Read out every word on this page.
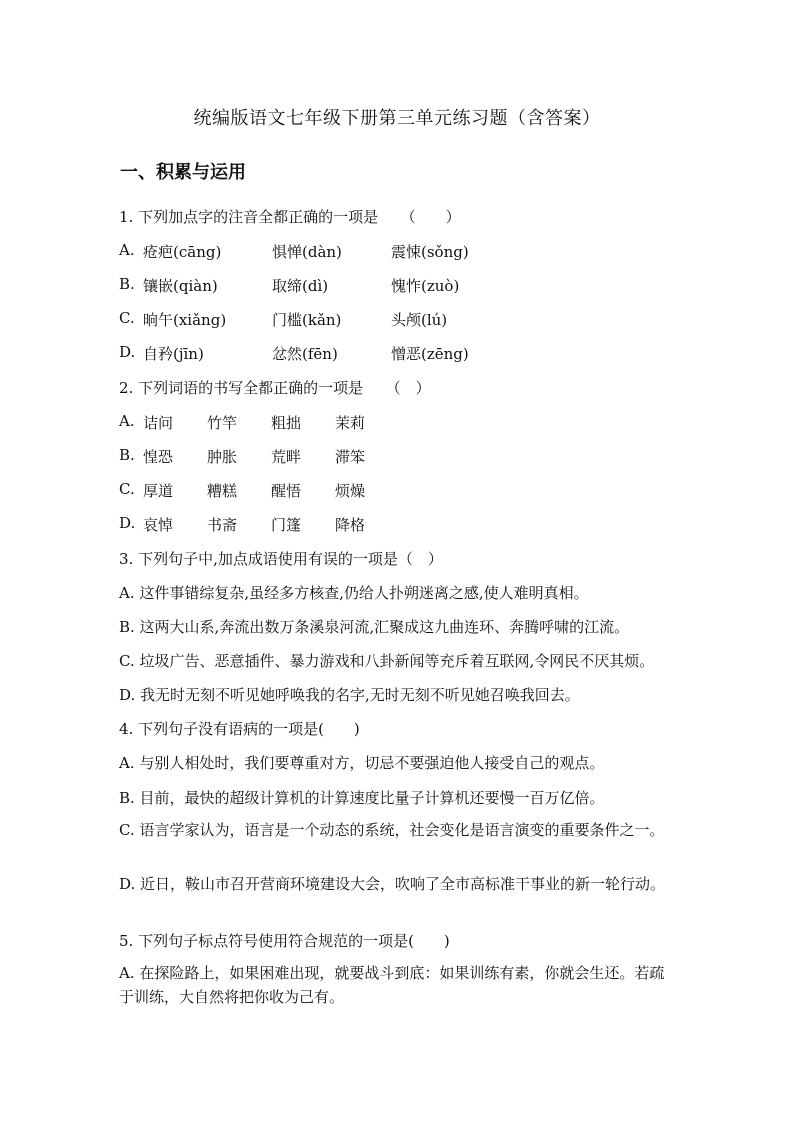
统编版语文七年级下册第三单元练习题（含答案）
一、积累与运用
1. 下列加点字的注音全都正确的一项是　　（　　）
A. 疮疤(cāng)	惧惮(dàn)	震悚(sǒng)
B. 镶嵌(qiàn)	取缔(dì)	愧怍(zuò)
C. 晌午(xiǎng)	门槛(kǎn)	头颅(lú)
D. 自矜(jīn)	忿然(fēn)	憎恶(zēng)
2. 下列词语的书写全都正确的一项是　　（　）
A. 诘问 竹竿 粗拙 茉莉
B. 惶恐 肿胀 荒畔 滞笨
C. 厚道 糟糕 醒悟 烦燥
D. 哀悼 书斋 门篷 降格
3. 下列句子中,加点成语使用有误的一项是（　）
A. 这件事错综复杂,虽经多方核查,仍给人扑朔迷离之感,使人难明真相。
B. 这两大山系,奔流出数万条溪泉河流,汇聚成这九曲连环、奔腾呼啸的江流。
C. 垃圾广告、恶意插件、暴力游戏和八卦新闻等充斥着互联网,令网民不厌其烦。
D. 我无时无刻不听见她呼唤我的名字,无时无刻不听见她召唤我回去。
4. 下列句子没有语病的一项是(　　)
A. 与别人相处时，我们要尊重对方，切忌不要强迫他人接受自己的观点。
B. 目前，最快的超级计算机的计算速度比量子计算机还要慢一百万亿倍。
C. 语言学家认为，语言是一个动态的系统，社会变化是语言演变的重要条件之一。
D. 近日，鞍山市召开营商环境建设大会，吹响了全市高标准干事业的新一轮行动。
5. 下列句子标点符号使用符合规范的一项是(　　)
A. 在探险路上，如果困难出现，就要战斗到底：如果训练有素，你就会生还。若疏于训练，大自然将把你收为己有。
